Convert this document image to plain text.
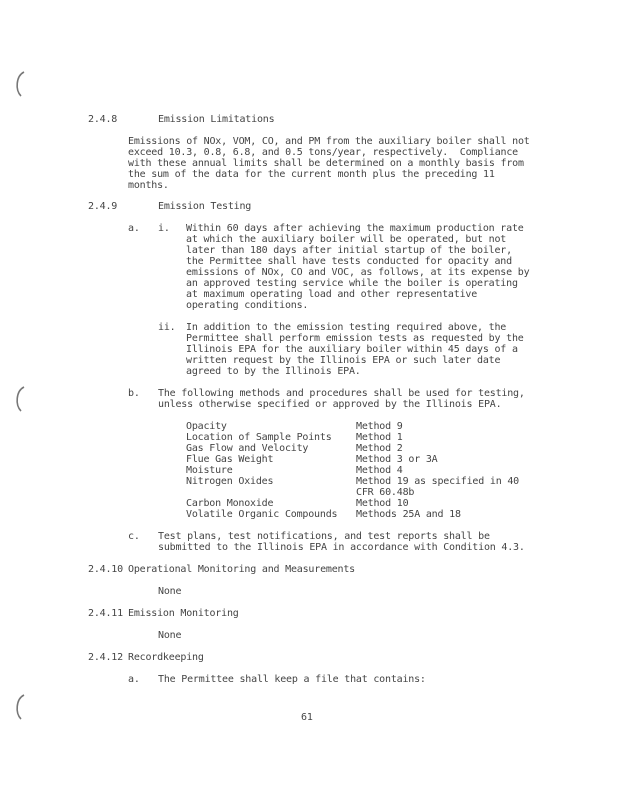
2.4.8	Emission Limitations
Emissions of NOx, VOM, CO, and PM from the auxiliary boiler shall not
exceed 10.3, 0.8, 6.8, and 0.5 tons/year, respectively.  Compliance
with these annual limits shall be determined on a monthly basis from
the sum of the data for the current month plus the preceding 11
months.
2.4.9	Emission Testing
a. i. Within 60 days after achieving the maximum production rate
at which the auxiliary boiler will be operated, but not
later than 180 days after initial startup of the boiler,
the Permittee shall have tests conducted for opacity and
emissions of NOx, CO and VOC, as follows, at its expense by
an approved testing service while the boiler is operating
at maximum operating load and other representative
operating conditions.
ii. In addition to the emission testing required above, the
Permittee shall perform emission tests as requested by the
Illinois EPA for the auxiliary boiler within 45 days of a
written request by the Illinois EPA or such later date
agreed to by the Illinois EPA.
b. The following methods and procedures shall be used for testing,
unless otherwise specified or approved by the Illinois EPA.
Opacity	Method 9
Location of Sample Points Method 1
Gas Flow and Velocity	Method 2
Flue Gas Weight	Method 3 or 3A
Moisture	Method 4
Nitrogen Oxides	Method 19 as specified in 40
CFR 60.48b
Carbon Monoxide	Method 10
Volatile Organic Compounds Methods 25A and 18
c. Test plans, test notifications, and test reports shall be
submitted to the Illinois EPA in accordance with Condition 4.3.
2.4.10 Operational Monitoring and Measurements
None
2.4.11 Emission Monitoring
None
2.4.12 Recordkeeping
a. The Permittee shall keep a file that contains:
61
